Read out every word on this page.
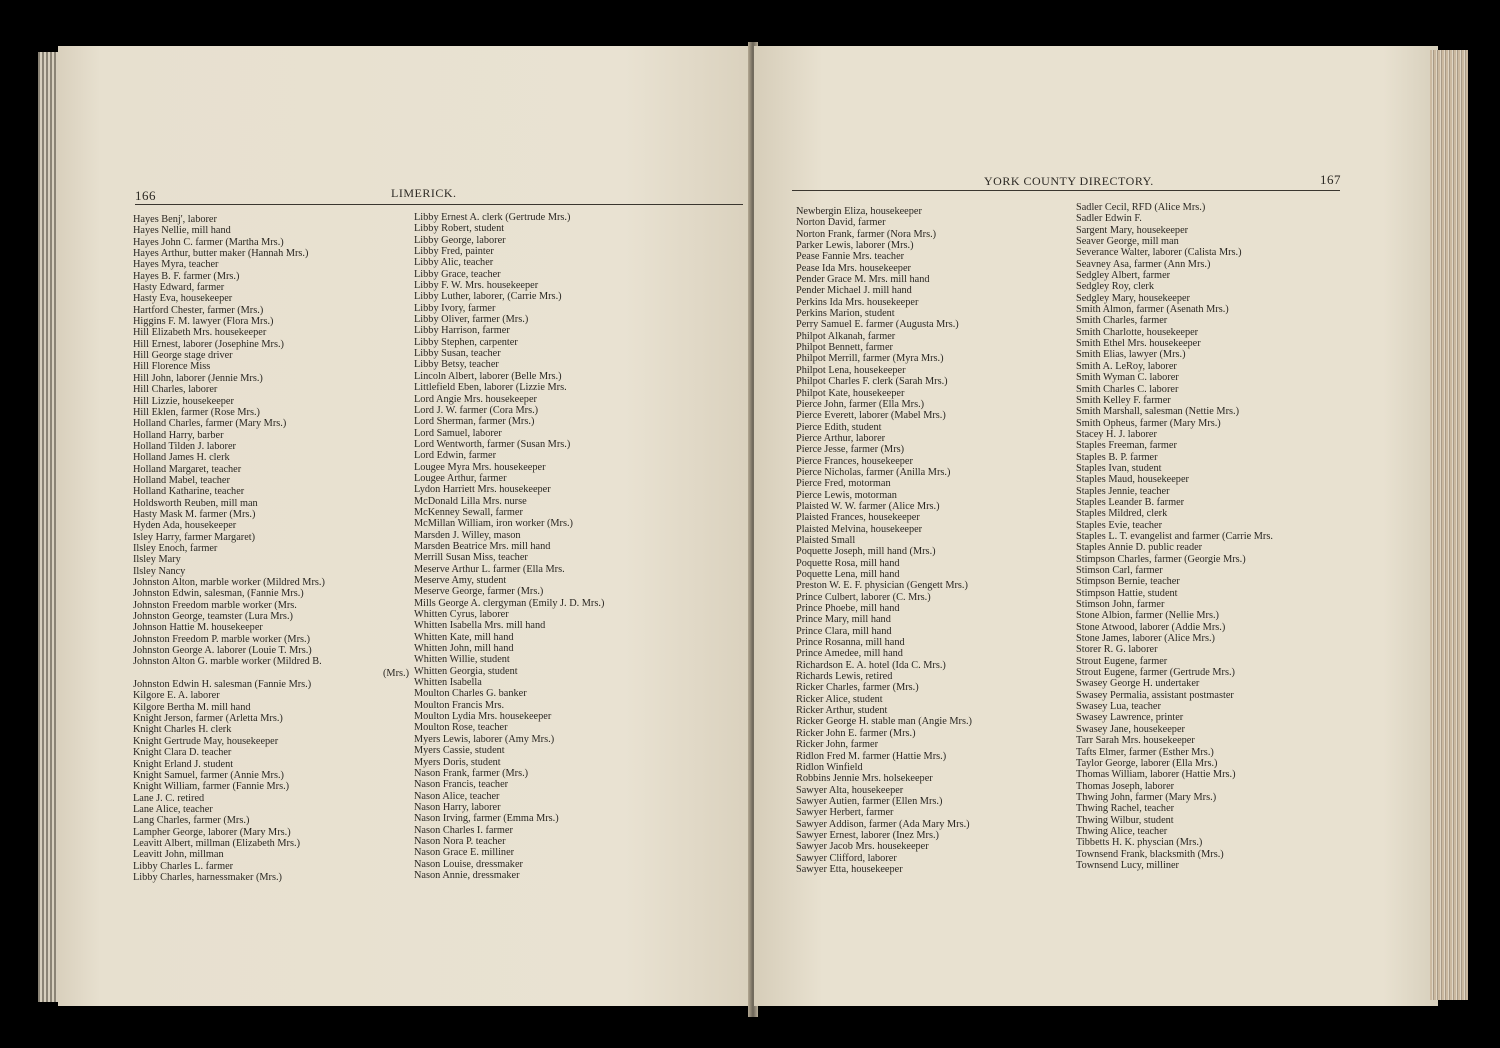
166	LIMERICK.
Hayes Benj', laborer
Hayes Nellie, mill hand
Hayes John C. farmer (Martha Mrs.)
Hayes Arthur, butter maker (Hannah Mrs.)
Hayes Myra, teacher
Hayes B. F. farmer (Mrs.)
Hasty Edward, farmer
Hasty Eva, housekeeper
Hartford Chester, farmer (Mrs.)
Higgins F. M. lawyer (Flora Mrs.)
Hill Elizabeth Mrs. housekeeper
Hill Ernest, laborer (Josephine Mrs.)
Hill George stage driver
Hill Florence Miss
Hill John, laborer (Jennie Mrs.)
Hill Charles, laborer
Hill Lizzie, housekeeper
Hill Eklen, farmer (Rose Mrs.)
Holland Charles, farmer (Mary Mrs.)
Holland Harry, barber
Holland Tilden J. laborer
Holland James H. clerk
Holland Margaret, teacher
Holland Mabel, teacher
Holland Katharine, teacher
Holdsworth Reuben, mill man
Hasty Mask M. farmer (Mrs.)
Hyden Ada, housekeeper
Isley Harry, farmer Margaret)
Ilsley Enoch, farmer
Ilsley Mary
Ilsley Nancy
Johnston Alton, marble worker (Mildred Mrs.)
Johnston Edwin, salesman, (Fannie Mrs.)
Johnston Freedom marble worker (Mrs.
Johnston George, teamster (Lura Mrs.)
Johnson Hattie M. housekeeper
Johnston Freedom P. marble worker (Mrs.)
Johnston George A. laborer (Louie T. Mrs.)
Johnston Alton G. marble worker (Mildred B.
(Mrs.)
Johnston Edwin H. salesman (Fannie Mrs.)
Kilgore E. A. laborer
Kilgore Bertha M. mill hand
Knight Jerson, farmer (Arletta Mrs.)
Knight Charles H. clerk
Knight Gertrude May, housekeeper
Knight Clara D. teacher
Knight Erland J. student
Knight Samuel, farmer (Annie Mrs.)
Knight William, farmer (Fannie Mrs.)
Lane J. C. retired
Lane Alice, teacher
Lang Charles, farmer (Mrs.)
Lampher George, laborer (Mary Mrs.)
Leavitt Albert, millman (Elizabeth Mrs.)
Leavitt John, millman
Libby Charles L. farmer
Libby Charles, harnessmaker (Mrs.)
Libby Ernest A. clerk (Gertrude Mrs.)
Libby Robert, student
Libby George, laborer
Libby Fred, painter
Libby Alic, teacher
Libby Grace, teacher
Libby F. W. Mrs. housekeeper
Libby Luther, laborer, (Carrie Mrs.)
Libby Ivory, farmer
Libby Oliver, farmer (Mrs.)
Libby Harrison, farmer
Libby Stephen, carpenter
Libby Susan, teacher
Libby Betsy, teacher
Lincoln Albert, laborer (Belle Mrs.)
Littlefield Eben, laborer (Lizzie Mrs.
Lord Angie Mrs. housekeeper
Lord J. W. farmer (Cora Mrs.)
Lord Sherman, farmer (Mrs.)
Lord Samuel, laborer
Lord Wentworth, farmer (Susan Mrs.)
Lord Edwin, farmer
Lougee Myra Mrs. housekeeper
Lougee Arthur, farmer
Lydon Harriett Mrs. housekeeper
McDonald Lilla Mrs. nurse
McKenney Sewall, farmer
McMillan William, iron worker (Mrs.)
Marsden J. Willey, mason
Marsden Beatrice Mrs. mill hand
Merrill Susan Miss, teacher
Meserve Arthur L. farmer (Ella Mrs.
Meserve Amy, student
Meserve George, farmer (Mrs.)
Mills George A. clergyman (Emily J. D. Mrs.)
Whitten Cyrus, laborer
Whitten Isabella Mrs. mill hand
Whitten Kate, mill hand
Whitten John, mill hand
Whitten Willie, student
Whitten Georgia, student
Whitten Isabella
Moulton Charles G. banker
Moulton Francis Mrs.
Moulton Lydia Mrs. housekeeper
Moulton Rose, teacher
Myers Lewis, laborer (Amy Mrs.)
Myers Cassie, student
Myers Doris, student
Nason Frank, farmer (Mrs.)
Nason Francis, teacher
Nason Alice, teacher
Nason Harry, laborer
Nason Irving, farmer (Emma Mrs.)
Nason Charles I. farmer
Nason Nora P. teacher
Nason Grace E. milliner
Nason Louise, dressmaker
Nason Annie, dressmaker
YORK COUNTY DIRECTORY.	167
Newbergin Eliza, housekeeper
Norton David, farmer
Norton Frank, farmer (Nora Mrs.)
Parker Lewis, laborer (Mrs.)
Pease Fannie Mrs. teacher
Pease Ida Mrs. housekeeper
Pender Grace M. Mrs. mill hand
Pender Michael J. mill hand
Perkins Ida Mrs. housekeeper
Perkins Marion, student
Perry Samuel E. farmer (Augusta Mrs.)
Philpot Alkanah, farmer
Philpot Bennett, farmer
Philpot Merrill, farmer (Myra Mrs.)
Philpot Lena, housekeeper
Philpot Charles F. clerk (Sarah Mrs.)
Philpot Kate, housekeeper
Pierce John, farmer (Ella Mrs.)
Pierce Everett, laborer (Mabel Mrs.)
Pierce Edith, student
Pierce Arthur, laborer
Pierce Jesse, farmer (Mrs)
Pierce Frances, housekeeper
Pierce Nicholas, farmer (Anilla Mrs.)
Pierce Fred, motorman
Pierce Lewis, motorman
Plaisted W. W. farmer (Alice Mrs.)
Plaisted Frances, housekeeper
Plaisted Melvina, housekeeper
Plaisted Small
Poquette Joseph, mill hand (Mrs.)
Poquette Rosa, mill hand
Poquette Lena, mill hand
Preston W. E. F. physician (Gengett Mrs.)
Prince Culbert, laborer (C. Mrs.)
Prince Phoebe, mill hand
Prince Mary, mill hand
Prince Clara, mill hand
Prince Rosanna, mill hand
Prince Amedee, mill hand
Richardson E. A. hotel (Ida C. Mrs.)
Richards Lewis, retired
Ricker Charles, farmer (Mrs.)
Ricker Alice, student
Ricker Arthur, student
Ricker George H. stable man (Angie Mrs.)
Ricker John E. farmer (Mrs.)
Ricker John, farmer
Ridlon Fred M. farmer (Hattie Mrs.)
Ridlon Winfield
Robbins Jennie Mrs. holsekeeper
Sawyer Alta, housekeeper
Sawyer Autien, farmer (Ellen Mrs.)
Sawyer Herbert, farmer
Sawyer Addison, farmer (Ada Mary Mrs.)
Sawyer Ernest, laborer (Inez Mrs.)
Sawyer Jacob Mrs. housekeeper
Sawyer Clifford, laborer
Sawyer Etta, housekeeper
Sadler Cecil, RFD (Alice Mrs.)
Sadler Edwin F.
Sargent Mary, housekeeper
Seaver George, mill man
Severance Walter, laborer (Calista Mrs.)
Seavney Asa, farmer (Ann Mrs.)
Sedgley Albert, farmer
Sedgley Roy, clerk
Sedgley Mary, housekeeper
Smith Almon, farmer (Asenath Mrs.)
Smith Charles, farmer
Smith Charlotte, housekeeper
Smith Ethel Mrs. housekeeper
Smith Elias, lawyer (Mrs.)
Smith A. LeRoy, laborer
Smith Wyman C. laborer
Smith Charles C. laborer
Smith Kelley F. farmer
Smith Marshall, salesman (Nettie Mrs.)
Smith Opheus, farmer (Mary Mrs.)
Stacey H. J. laborer
Staples Freeman, farmer
Staples B. P. farmer
Staples Ivan, student
Staples Maud, housekeeper
Staples Jennie, teacher
Staples Leander B. farmer
Staples Mildred, clerk
Staples Evie, teacher
Staples L. T. evangelist and farmer (Carrie Mrs.
Staples Annie D. public reader
Stimpson Charles, farmer (Georgie Mrs.)
Stimson Carl, farmer
Stimpson Bernie, teacher
Stimpson Hattie, student
Stimson John, farmer
Stone Albion, farmer (Nellie Mrs.)
Stone Atwood, laborer (Addie Mrs.)
Stone James, laborer (Alice Mrs.)
Storer R. G. laborer
Strout Eugene, farmer
Strout Eugene, farmer (Gertrude Mrs.)
Swasey George H. undertaker
Swasey Permalia, assistant postmaster
Swasey Lua, teacher
Swasey Lawrence, printer
Swasey Jane, housekeeper
Tarr Sarah Mrs. housekeeper
Tafts Elmer, farmer (Esther Mrs.)
Taylor George, laborer (Ella Mrs.)
Thomas William, laborer (Hattie Mrs.)
Thomas Joseph, laborer
Thwing John, farmer (Mary Mrs.)
Thwing Rachel, teacher
Thwing Wilbur, student
Thwing Alice, teacher
Tibbetts H. K. physcian (Mrs.)
Townsend Frank, blacksmith (Mrs.)
Townsend Lucy, milliner
